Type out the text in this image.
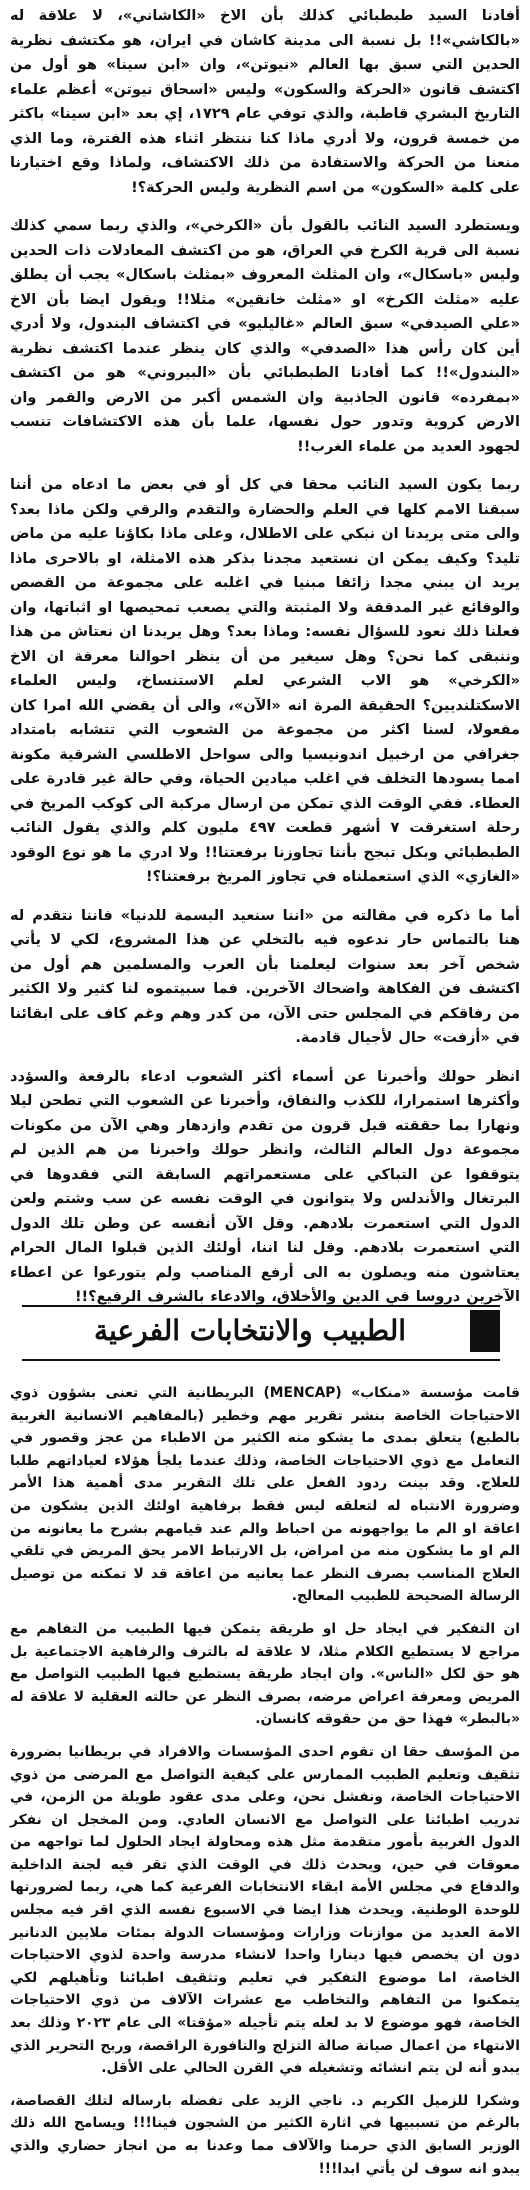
أفادنا السيد طبطبائي كذلك بأن الاخ «الكاشاني»، لا علاقة له «بالكاشي»!! بل نسبة الى مدينة كاشان في ايران، هو مكتشف نظرية الحدين التي سبق بها العالم «نيوتن»، وان «ابن سينا» هو أول من اكتشف قانون «الحركة والسكون» وليس «اسحاق نيوتن» أعظم علماء التاريخ البشري قاطبة، والذي توفي عام ١٧٢٩، إي بعد «ابن سينا» باكثر من خمسة قرون، ولا أدري ماذا كنا ننتظر اثناء هذه الفترة، وما الذي منعنا من الحركة والاستفادة من ذلك الاكتشاف، ولماذا وقع اختيارنا على كلمة «السكون» من اسم النظرية وليس الحركة؟!

ويستطرد السيد النائب بالقول بأن «الكرخي»، والذي ربما سمي كذلك نسبة الى قرية الكرخ في العراق، هو من اكتشف المعادلات ذات الحدين وليس «باسكال»، وان المثلث المعروف «بمثلث باسكال» يجب أن يطلق عليه «مثلث الكرخ» او «مثلث خانقين» مثلا!! ويقول ايضا بأن الاخ «علي الصيدفي» سبق العالم «غاليليو» في اكتشاف البندول، ولا أدري أين كان رأس هذا «الصدفي» والذي كان ينظر عندما اكتشف نظرية «البندول»!! كما أفادنا الطبطبائي بأن «البيروني» هو من اكتشف «بمفرده» قانون الجاذبية وان الشمس أكبر من الارض والقمر وان الارض كروية وتدور حول نفسها، علما بأن هذه الاكتشافات تنسب لجهود العديد من علماء الغرب!!

ربما يكون السيد النائب محقا في كل أو في بعض ما ادعاه من أننا سبقنا الامم كلها في العلم والحضارة والتقدم والرقي ولكن ماذا بعد؟ والى متى يريدنا ان نبكي على الاطلال، وعلى ماذا بكاؤنا عليه من ماض تليد؟ وكيف يمكن ان نستعيد مجدنا بذكر هذه الامثلة، او بالاحرى ماذا يريد ان يبني مجدا زائفا مبنيا في اغلبه على مجموعة من القصص والوقائع غير المدققة ولا المثبتة والتي يصعب تمحيصها او اثباتها، وان فعلنا ذلك نعود للسؤال نفسه: وماذا بعد؟ وهل يريدنا ان نعتاش من هذا وننبقى كما نحن؟ وهل سيغير من أن ينظر احوالنا معرفة ان الاخ «الكرخي» هو الاب الشرعي لعلم الاستنساخ، وليس العلماء الاسكتلنديين؟ الحقيقة المرة انه «الآن»، والى أن يقضي الله امرا كان مفعولا، لسنا اكثر من مجموعة من الشعوب التي تتشابه بامتداد جغرافي من ارخبيل اندونيسيا والى سواحل الاطلسي الشرقية مكونة امما يسودها التخلف في اغلب ميادين الحياة، وفي حالة غير قادرة على العطاء. ففي الوقت الذي تمكن من ارسال مركبة الى كوكب المريخ في رحلة استغرقت ٧ أشهر قطعت ٤٩٧ مليون كلم والذي يقول النائب الطبطبائي وبكل تبجح بأننا تجاوزنا برفعتنا!! ولا ادري ما هو نوع الوقود «الغازي» الذي استعملناه في تجاوز المريخ برفعتنا؟!

أما ما ذكره في مقالته من «اننا سنعيد البسمة للدنيا» فاننا نتقدم له هنا بالتماس حار ندعوه فيه بالتخلي عن هذا المشروع، لكي لا يأتي شخص آخر بعد سنوات ليعلمنا بأن العرب والمسلمين هم أول من اكتشف فن الفكاهة واضحاك الآخرين. فما سبيتموه لنا كثير ولا الكثير من رفاقكم في المجلس حتى الآن، من كدر وهم وغم كاف على ابقائنا في «أزفت» حال لأجيال قادمة.

انظر حولك وأخبرنا عن أسماء أكثر الشعوب ادعاء بالرفعة والسؤدد وأكثرها استمرارا، للكذب والنفاق، وأخبرنا عن الشعوب التي تطحن ليلا ونهارا بما حققته قبل قرون من تقدم وازدهار وهي الآن من مكونات مجموعة دول العالم الثالث، وانظر حولك واخبرنا من هم الذين لم يتوقفوا عن التباكي على مستعمراتهم السابقة التي فقدوها في البرتغال والأندلس ولا يتوانون في الوقت نفسه عن سب وشتم ولعن الدول التي استعمرت بلادهم. وقل الآن أنفسه عن وطن تلك الدول التي استعمرت بلادهم. وقل لنا اننا، أولئك الذين قبلوا المال الحرام يعتاشون منه ويصلون به الى أرفع المناصب ولم يتورعوا عن اعطاء الآخرين دروسا في الدين والأخلاق، والادعاء بالشرف الرفيع؟!!

الطبيب والانتخابات الفرعية

قامت مؤسسة «منكاب» (MENCAP) البريطانية التي تعنى بشؤون ذوي الاحتياجات الخاصة بنشر تقرير مهم وخطير (بالمفاهيم الانسانية الغربية بالطبع) يتعلق بمدى ما يشكو منه الكثير من الاطباء من عجز وقصور في التعامل مع ذوي الاحتياجات الخاصة، وذلك عندما يلجأ هؤلاء لعياداتهم طلبا للعلاج. وقد بينت ردود الفعل على تلك التقرير مدى أهمية هذا الأمر وضرورة الانتباه له لتعلقه ليس فقط برفاهية اولئك الذين يشكون من اعاقة او الم ما يواجهونه من احباط والم عند قيامهم بشرح ما يعانونه من الم او ما يشكون منه من امراض، بل الارتباط الامر يحق المريض في تلقي العلاج المناسب بصرف النظر عما يعانيه من اعاقة قد لا تمكنه من توصيل الرسالة الصحيحة للطبيب المعالج.

ان التفكير في ايجاد حل او طريقة يتمكن فيها الطبيب من التفاهم مع مراجع لا يستطيع الكلام مثلا، لا علاقة له بالترف والرفاهية الاجتماعية بل هو حق لكل «الناس». وان ايجاد طريقة يستطيع فيها الطبيب التواصل مع المريض ومعرفة اعراض مرضه، بصرف النظر عن حالته العقلية لا علاقة له «بالبطر» فهذا حق من حقوقه كانسان.

من المؤسف حقا ان تقوم احدى المؤسسات والافراد في بريطانيا بضرورة تثقيف وتعليم الطبيب الممارس على كيفية التواصل مع المرضى من ذوي الاحتياجات الخاصة، ونفشل نحن، وعلى مدى عقود طويلة من الزمن، في تدريب اطبائنا على التواصل مع الانسان العادي. ومن المخجل ان نفكر الدول الغربية بأمور متقدمة مثل هذه ومحاولة ايجاد الحلول لما تواجهه من معوقات في حين، ويحدث ذلك في الوقت الذي تقر فيه لجنة الداخلية والدفاع في مجلس الأمة ابقاء الانتخابات الفرعية كما هي، ربما لضرورتها للوحدة الوطنية. ويحدث هذا ايضا في الاسبوع نفسه الذي اقر فيه مجلس الامة العديد من موازنات وزارات ومؤسسات الدولة بمئات ملايين الدنانير دون ان يخصص فيها دينارا واحدا لانشاء مدرسة واحدة لذوي الاحتياجات الخاصة، اما موضوع التفكير في تعليم وتثقيف اطبائنا وتأهيلهم لكي يتمكنوا من التفاهم والتخاطب مع عشرات الآلاف من ذوي الاحتياجات الخاصة، فهو موضوع لا بد لعله يتم تأجيله «مؤقتا» الى عام ٢٠٢٣ وذلك بعد الانتهاء من اعمال صيانة صالة التزلج والنافورة الراقصة، وربح التحرير الذي يبدو أنه لن يتم انشائه وتشغيله في القرن الحالي على الأقل.

وشكرا للزميل الكريم د. ناجي الزيد على تفضله بارساله لتلك القصاصة، بالرغم من تسببيها في اثارة الكثير من الشجون فينا!!! ويسامح الله ذلك الوزير السابق الذي حرمنا والآلاف مما وعدنا به من انجاز حضاري والذي يبدو انه سوف لن يأتي ابدا!!!
